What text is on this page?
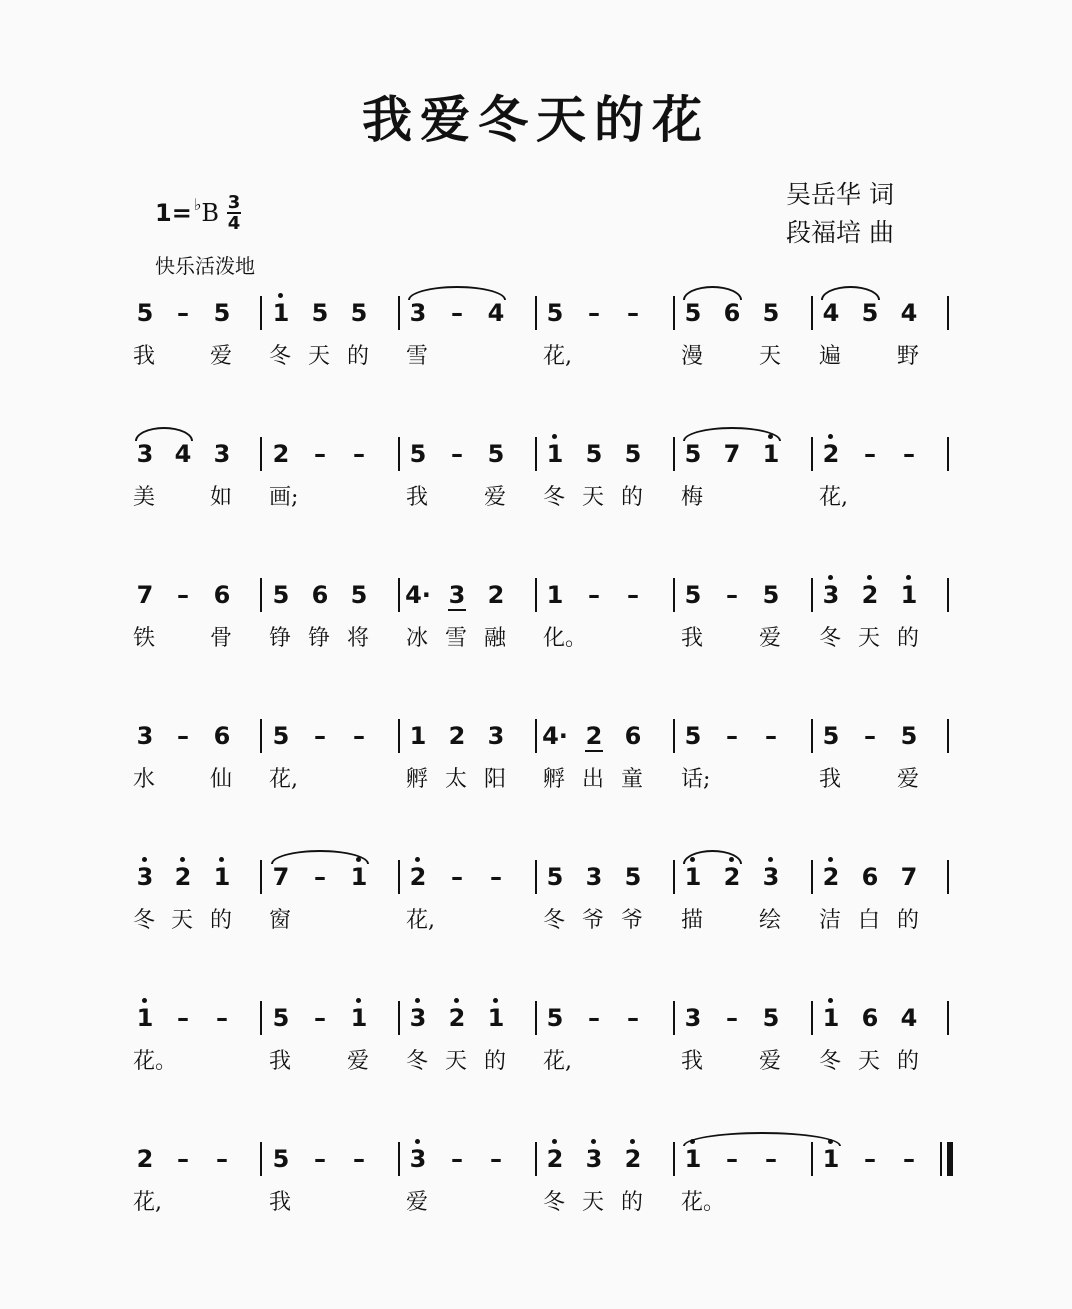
我爱冬天的花
吴岳华 词
段福培 曲
1= ♭ B 3
4
快乐活泼地
5 –	5	1 5 5	3	–	4	5	–	–	5 6 5	4 5 4
我	爱	冬 天 的	雪	花,	漫	天	遍	野
3 4 3	2	–	–	5	–	5	1 5 5	5 7 1	2	–	–
美	如	画;	我	爱	冬 天 的	梅	花,
7 –	6	5 6 5	4· 3 2	1	–	–	5	–	5	3 2 1
铁	骨	铮 铮 将	冰 雪 融	化。	我	爱	冬 天 的
3 –	6	5	–	–	1 2 3	4· 2 6	5	–	–	5	–	5
水	仙	花,	孵 太 阳	孵 出 童	话;	我	爱
3 2 1	7	–	1	2	–	–	5 3 5	1 2 3	2 6 7
冬 天 的	窗	花,	冬 爷 爷	描	绘	洁 白 的
1 –	–	5	–	1	3 2 1	5	–	–	3	–	5	1 6 4
花。	我	爱	冬 天 的	花,	我	爱	冬 天 的
2 –	–	5	–	–	3	–	–	2 3 2	1	–	–	1	–	–
花,	我	爱	冬 天 的	花。
